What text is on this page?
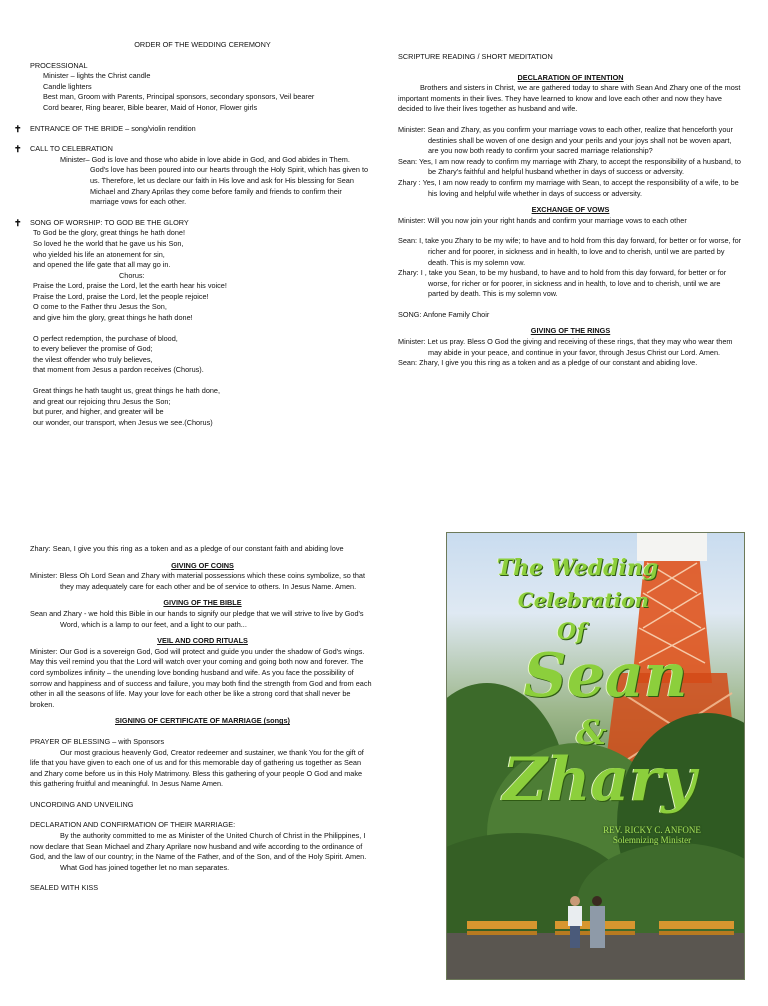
ORDER OF THE WEDDING CEREMONY

PROCESSIONAL

Minister – lights the Christ candle

Candle lighters

Best man, Groom with Parents, Principal sponsors, secondary sponsors, Veil bearer

Cord bearer, Ring bearer, Bible bearer, Maid of Honor, Flower girls

✝ ENTRANCE OF THE BRIDE – song/violin rendition

✝ CALL TO CELEBRATION

Minister– God is love and those who abide in love abide in God, and God abides in Them. God's love has been poured into our hearts through the Holy Spirit, which has given to us. Therefore, let us declare our faith in His love and ask for His blessing for Sean Michael and Zhary Aprilas they come before family and friends to confirm their marriage vows for each other.

✝ SONG OF WORSHIP: TO GOD BE THE GLORY

To God be the glory, great things he hath done!

So loved he the world that he gave us his Son,

who yielded his life an atonement for sin,

and opened the life gate that all may go in.

Chorus:

Praise the Lord, praise the Lord, let the earth hear his voice!

Praise the Lord, praise the Lord, let the people rejoice!

O come to the Father thru Jesus the Son,

and give him the glory, great things he hath done!

O perfect redemption, the purchase of blood,

to every believer the promise of God;

the vilest offender who truly believes,

that moment from Jesus a pardon receives (Chorus).

Great things he hath taught us, great things he hath done,

and great our rejoicing thru Jesus the Son;

but purer, and higher, and greater will be

our wonder, our transport, when Jesus we see.(Chorus)

SCRIPTURE READING / SHORT MEDITATION

DECLARATION OF INTENTION

Brothers and sisters in Christ, we are gathered today to share with Sean And Zhary one of the most important moments in their lives. They have learned to know and love each other and now they have decided to live their lives together as husband and wife.

Minister: Sean and Zhary, as you confirm your marriage vows to each other, realize that henceforth your destinies shall be woven of one design and your perils and your joys shall not be woven apart, are you now both ready to confirm your sacred marriage relationship?

Sean: Yes, I am now ready to confirm my marriage with Zhary, to accept the responsibility of a husband, to be Zhary's faithful and helpful husband whether in days of success or adversity.

Zhary : Yes, I am now ready to confirm my marriage with Sean, to accept the responsibility of a wife, to be his loving and helpful wife whether in days of success or adversity.

EXCHANGE OF VOWS

Minister: Will you now join your right hands and confirm your marriage vows to each other

Sean: I, take you Zhary to be my wife; to have and to hold from this day forward, for better or for worse, for richer and for poorer, in sickness and in health, to love and to cherish, until we are parted by death. This is my solemn vow.

Zhary: I , take you Sean, to be my husband, to have and to hold from this day forward, for better or for worse, for richer or for poorer, in sickness and in health, to love and to cherish, until we are parted by death. This is my solemn vow.

SONG: Anfone Family Choir

GIVING OF THE RINGS

Minister: Let us pray. Bless O God the giving and receiving of these rings, that they may who wear them may abide in your peace, and continue in your favor, through Jesus Christ our Lord. Amen.

Sean: Zhary, I give you this ring as a token and as a pledge of our constant and abiding love.

Zhary: Sean, I give you this ring as a token and as a pledge of our constant faith and abiding love

GIVING OF COINS

Minister: Bless Oh Lord Sean and Zhary with material possessions which these coins symbolize, so that they may adequately care for each other and be of service to others. In Jesus Name. Amen.

GIVING OF THE BIBLE

Sean and Zhary - we hold this Bible in our hands to signify our pledge that we will strive to live by God's Word, which is a lamp to our feet, and a light to our path...

VEIL AND CORD RITUALS

Minister: Our God is a sovereign God, God will protect and guide you under the shadow of God's wings. May this veil remind you that the Lord will watch over your coming and going both now and forever. The cord symbolizes infinity – the unending love bonding husband and wife. As you face the possibility of sorrow and happiness and of success and failure, you may both find the strength from God and from each other in all the seasons of life. May your love for each other be like a strong cord that shall never be broken.

SIGNING OF CERTIFICATE OF MARRIAGE (songs)

PRAYER OF BLESSING – with Sponsors

Our most gracious heavenly God, Creator redeemer and sustainer, we thank You for the gift of life that you have given to each one of us and for this memorable day of gathering us together as Sean and Zhary come before us in this Holy Matrimony. Bless this gathering of your people O God and make this gathering fruitful and meaningful. In Jesus Name Amen.

UNCORDING AND UNVEILING

DECLARATION AND CONFIRMATION OF THEIR MARRIAGE:

By the authority committed to me as Minister of the United Church of Christ in the Philippines, I now declare that Sean Michael and Zhary Aprilare now husband and wife according to the ordinance of God, and the law of our country; in the Name of the Father, and of the Son, and of the Holy Spirit. Amen.

What God has joined together let no man separates.

SEALED WITH KISS

The Wedding
Celebration
Of
Sean
&
Zhary
REV. RICKY C. ANFONE
Solemnizing Minister
